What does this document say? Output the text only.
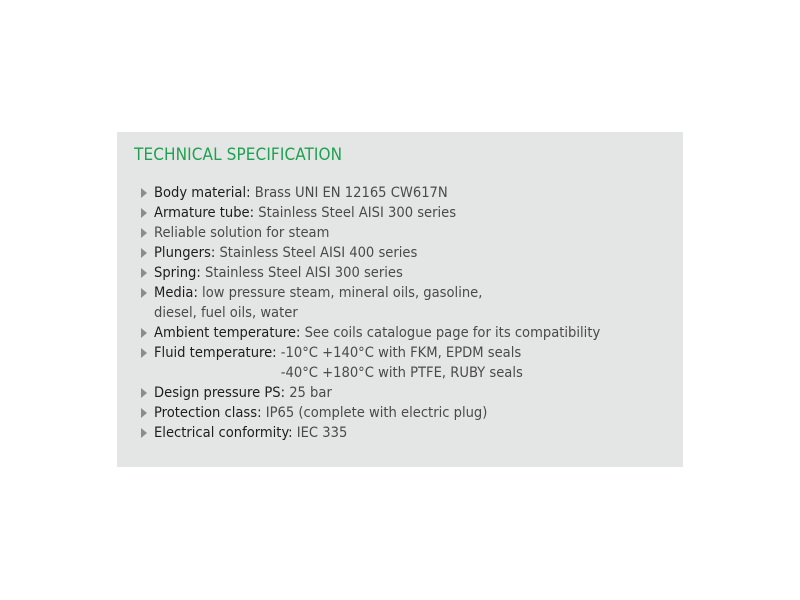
TECHNICAL SPECIFICATION
Body material: Brass UNI EN 12165 CW617N
Armature tube: Stainless Steel AISI 300 series
Reliable solution for steam
Plungers: Stainless Steel AISI 400 series
Spring: Stainless Steel AISI 300 series
Media: low pressure steam, mineral oils, gasoline,
diesel, fuel oils, water
Ambient temperature: See coils catalogue page for its compatibility
Fluid temperature: -10°C +140°C with FKM, EPDM seals
-40°C +180°C with PTFE, RUBY seals
Design pressure PS: 25 bar
Protection class: IP65 (complete with electric plug)
Electrical conformity: IEC 335
